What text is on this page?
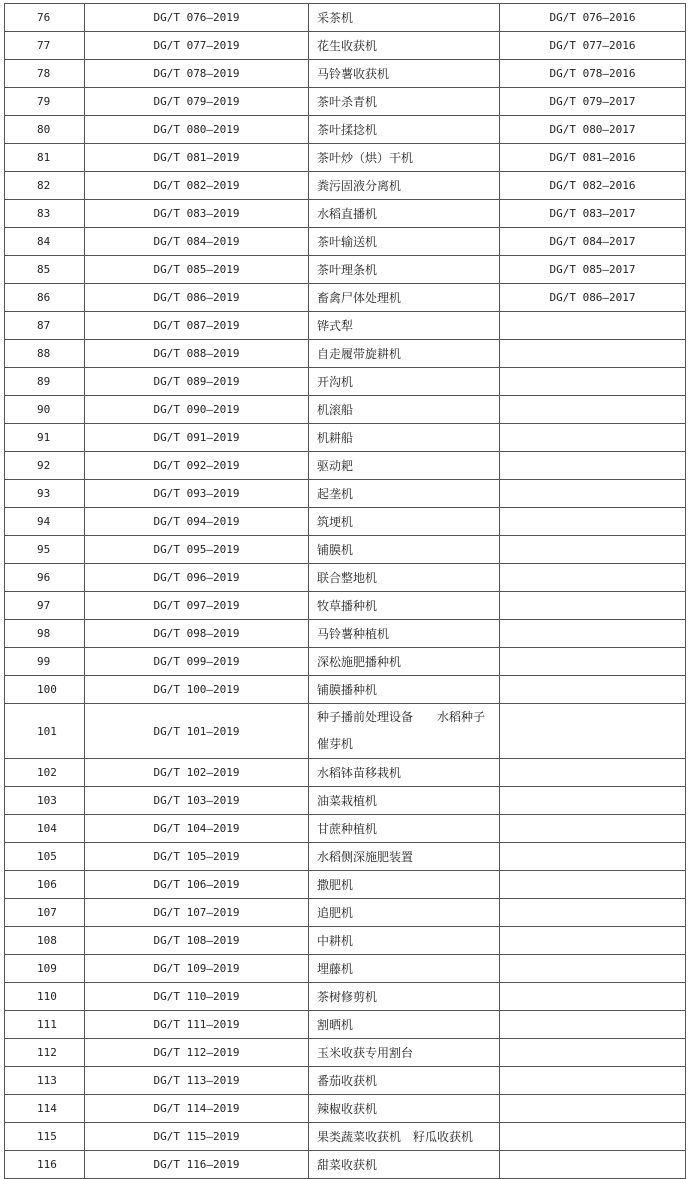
76	DG/T 076—2019	采茶机	DG/T 076—2016
77	DG/T 077—2019	花生收获机	DG/T 077—2016
78	DG/T 078—2019	马铃薯收获机	DG/T 078—2016
79	DG/T 079—2019	茶叶杀青机	DG/T 079—2017
80	DG/T 080—2019	茶叶揉捻机	DG/T 080—2017
81	DG/T 081—2019	茶叶炒（烘）干机	DG/T 081—2016
82	DG/T 082—2019	粪污固液分离机	DG/T 082—2016
83	DG/T 083—2019	水稻直播机	DG/T 083—2017
84	DG/T 084—2019	茶叶输送机	DG/T 084—2017
85	DG/T 085—2019	茶叶理条机	DG/T 085—2017
86	DG/T 086—2019	畜禽尸体处理机	DG/T 086—2017
87	DG/T 087—2019	铧式犁	
88	DG/T 088—2019	自走履带旋耕机	
89	DG/T 089—2019	开沟机	
90	DG/T 090—2019	机滚船	
91	DG/T 091—2019	机耕船	
92	DG/T 092—2019	驱动耙	
93	DG/T 093—2019	起垄机	
94	DG/T 094—2019	筑埂机	
95	DG/T 095—2019	铺膜机	
96	DG/T 096—2019	联合整地机	
97	DG/T 097—2019	牧草播种机	
98	DG/T 098—2019	马铃薯种植机	
99	DG/T 099—2019	深松施肥播种机	
100	DG/T 100—2019	铺膜播种机	
101	DG/T 101—2019	种子播前处理设备　　水稻种子催芽机	
102	DG/T 102—2019	水稻钵苗移栽机	
103	DG/T 103—2019	油菜栽植机	
104	DG/T 104—2019	甘蔗种植机	
105	DG/T 105—2019	水稻侧深施肥装置	
106	DG/T 106—2019	撒肥机	
107	DG/T 107—2019	追肥机	
108	DG/T 108—2019	中耕机	
109	DG/T 109—2019	埋藤机	
110	DG/T 110—2019	茶树修剪机	
111	DG/T 111—2019	割晒机	
112	DG/T 112—2019	玉米收获专用割台	
113	DG/T 113—2019	番茄收获机	
114	DG/T 114—2019	辣椒收获机	
115	DG/T 115—2019	果类蔬菜收获机　籽瓜收获机	
116	DG/T 116—2019	甜菜收获机	
